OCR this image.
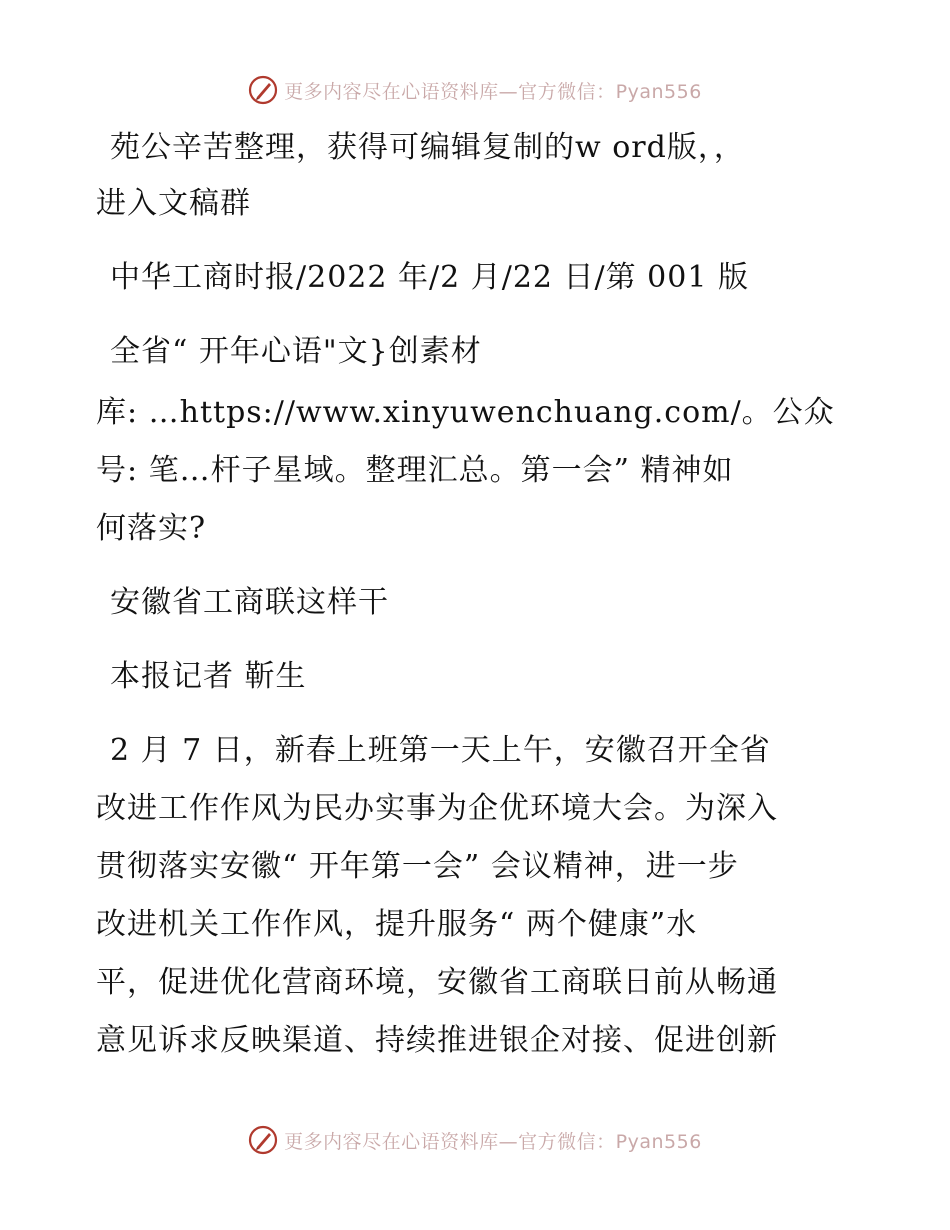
更多内容尽在心语资料库—官方微信：Pyan556
苑公辛苦整理，获得可编辑复制的w ord版，，
进入文稿群
中华工商时报/2022 年/2 月/22 日/第 001 版
全省“ 开年心语"文}创素材
库: …https://www.xinyuwenchuang.com/。公众
号: 笔…杆子星域。整理汇总。第一会” 精神如
何落实?
安徽省工商联这样干
本报记者 靳生
2 月 7 日，新春上班第一天上午，安徽召开全省
改进工作作风为民办实事为企优环境大会。为深入
贯彻落实安徽“ 开年第一会” 会议精神，进一步
改进机关工作作风，提升服务“ 两个健康”水
平，促进优化营商环境，安徽省工商联日前从畅通
意见诉求反映渠道、持续推进银企对接、促进创新
更多内容尽在心语资料库—官方微信：Pyan556
